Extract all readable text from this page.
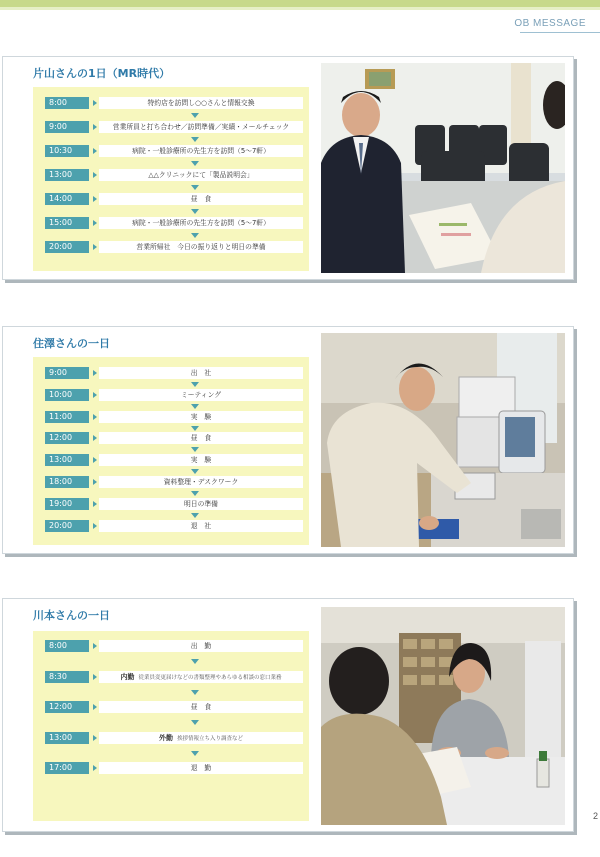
OB MESSAGE
片山さんの1日（MR時代）
8:00	特約店を訪問し○○さんと情報交換
9:00	営業所員と打ち合わせ／訪問準備／実績・メールチェック
10:30	病院・一般診療所の先生方を訪問（5〜7軒）
13:00	△△クリニックにて「製品説明会」
14:00	昼　食
15:00	病院・一般診療所の先生方を訪問（5〜7軒）
20:00	営業所帰社　今日の振り返りと明日の準備
住澤さんの一日
9:00	出　社
10:00	ミーティング
11:00	実　験
12:00	昼　食
13:00	実　験
18:00	資料整理・デスクワーク
19:00	明日の準備
20:00	退　社
川本さんの一日
8:00	出　勤
8:30	内勤 従業員変更届けなどの書類整理やあらゆる相談の窓口業務
12:00	昼　食
13:00	外勤 挨拶情報立ち入り調査など
17:00	退　勤
2
